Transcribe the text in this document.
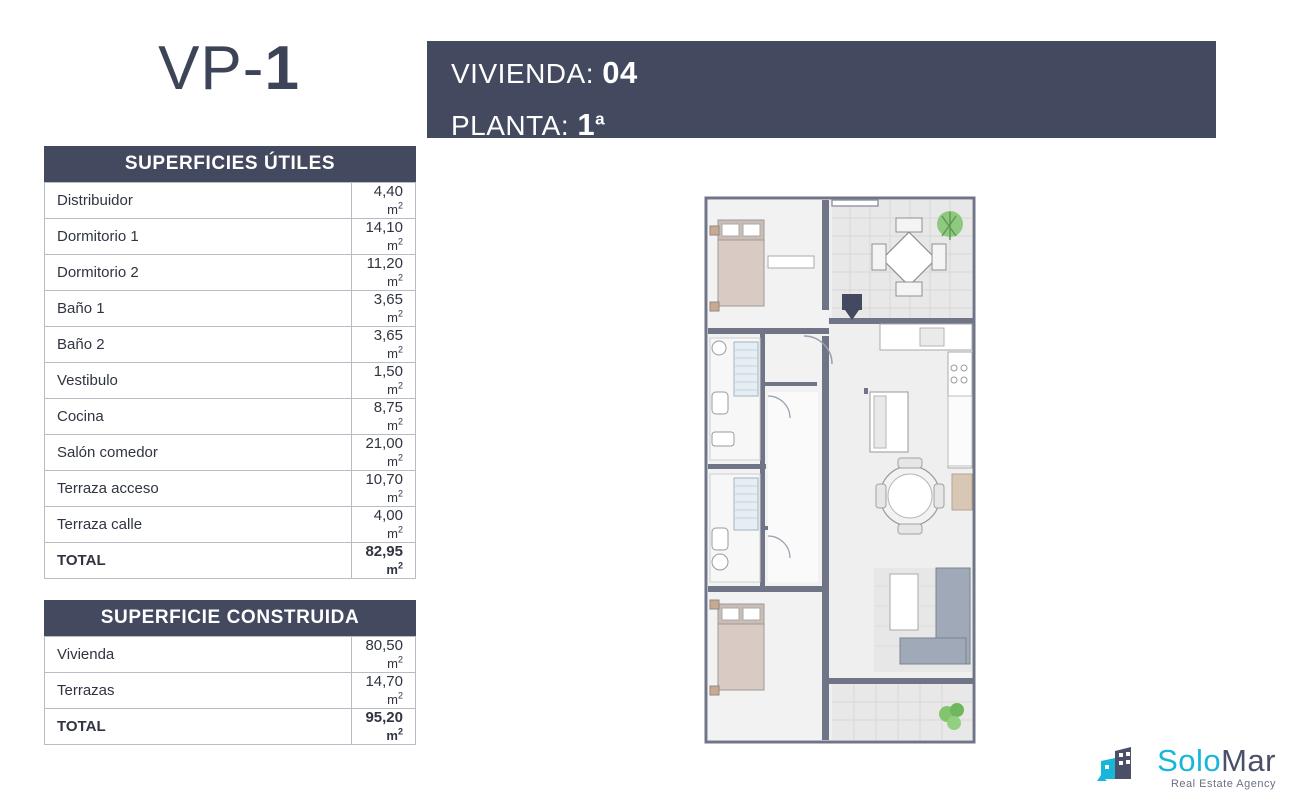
VP-1	VIVIENDA: 04
PLANTA: 1$^a$
SUPERFICIES ÚTILES
Distribuidor	4,40 $m^2$
Dormitorio 1	14,10 $m^2$
Dormitorio 2	11,20 $m^2$
Baño 1	3,65 $m^2$
Baño 2	3,65 $m^2$
Vestibulo	1,50 $m^2$
Cocina	8,75 $m^2$
Salón comedor	21,00 $m^2$
Terraza acceso	10,70 $m^2$
Terraza calle	4,00 $m^2$
TOTAL	82,95 $m^2$
SUPERFICIE CONSTRUIDA
Vivienda	80,50 $m^2$
Terrazas	14,70 $m^2$
TOTAL	95,20 $m^2$
SoloMar
Real Estate Agency
